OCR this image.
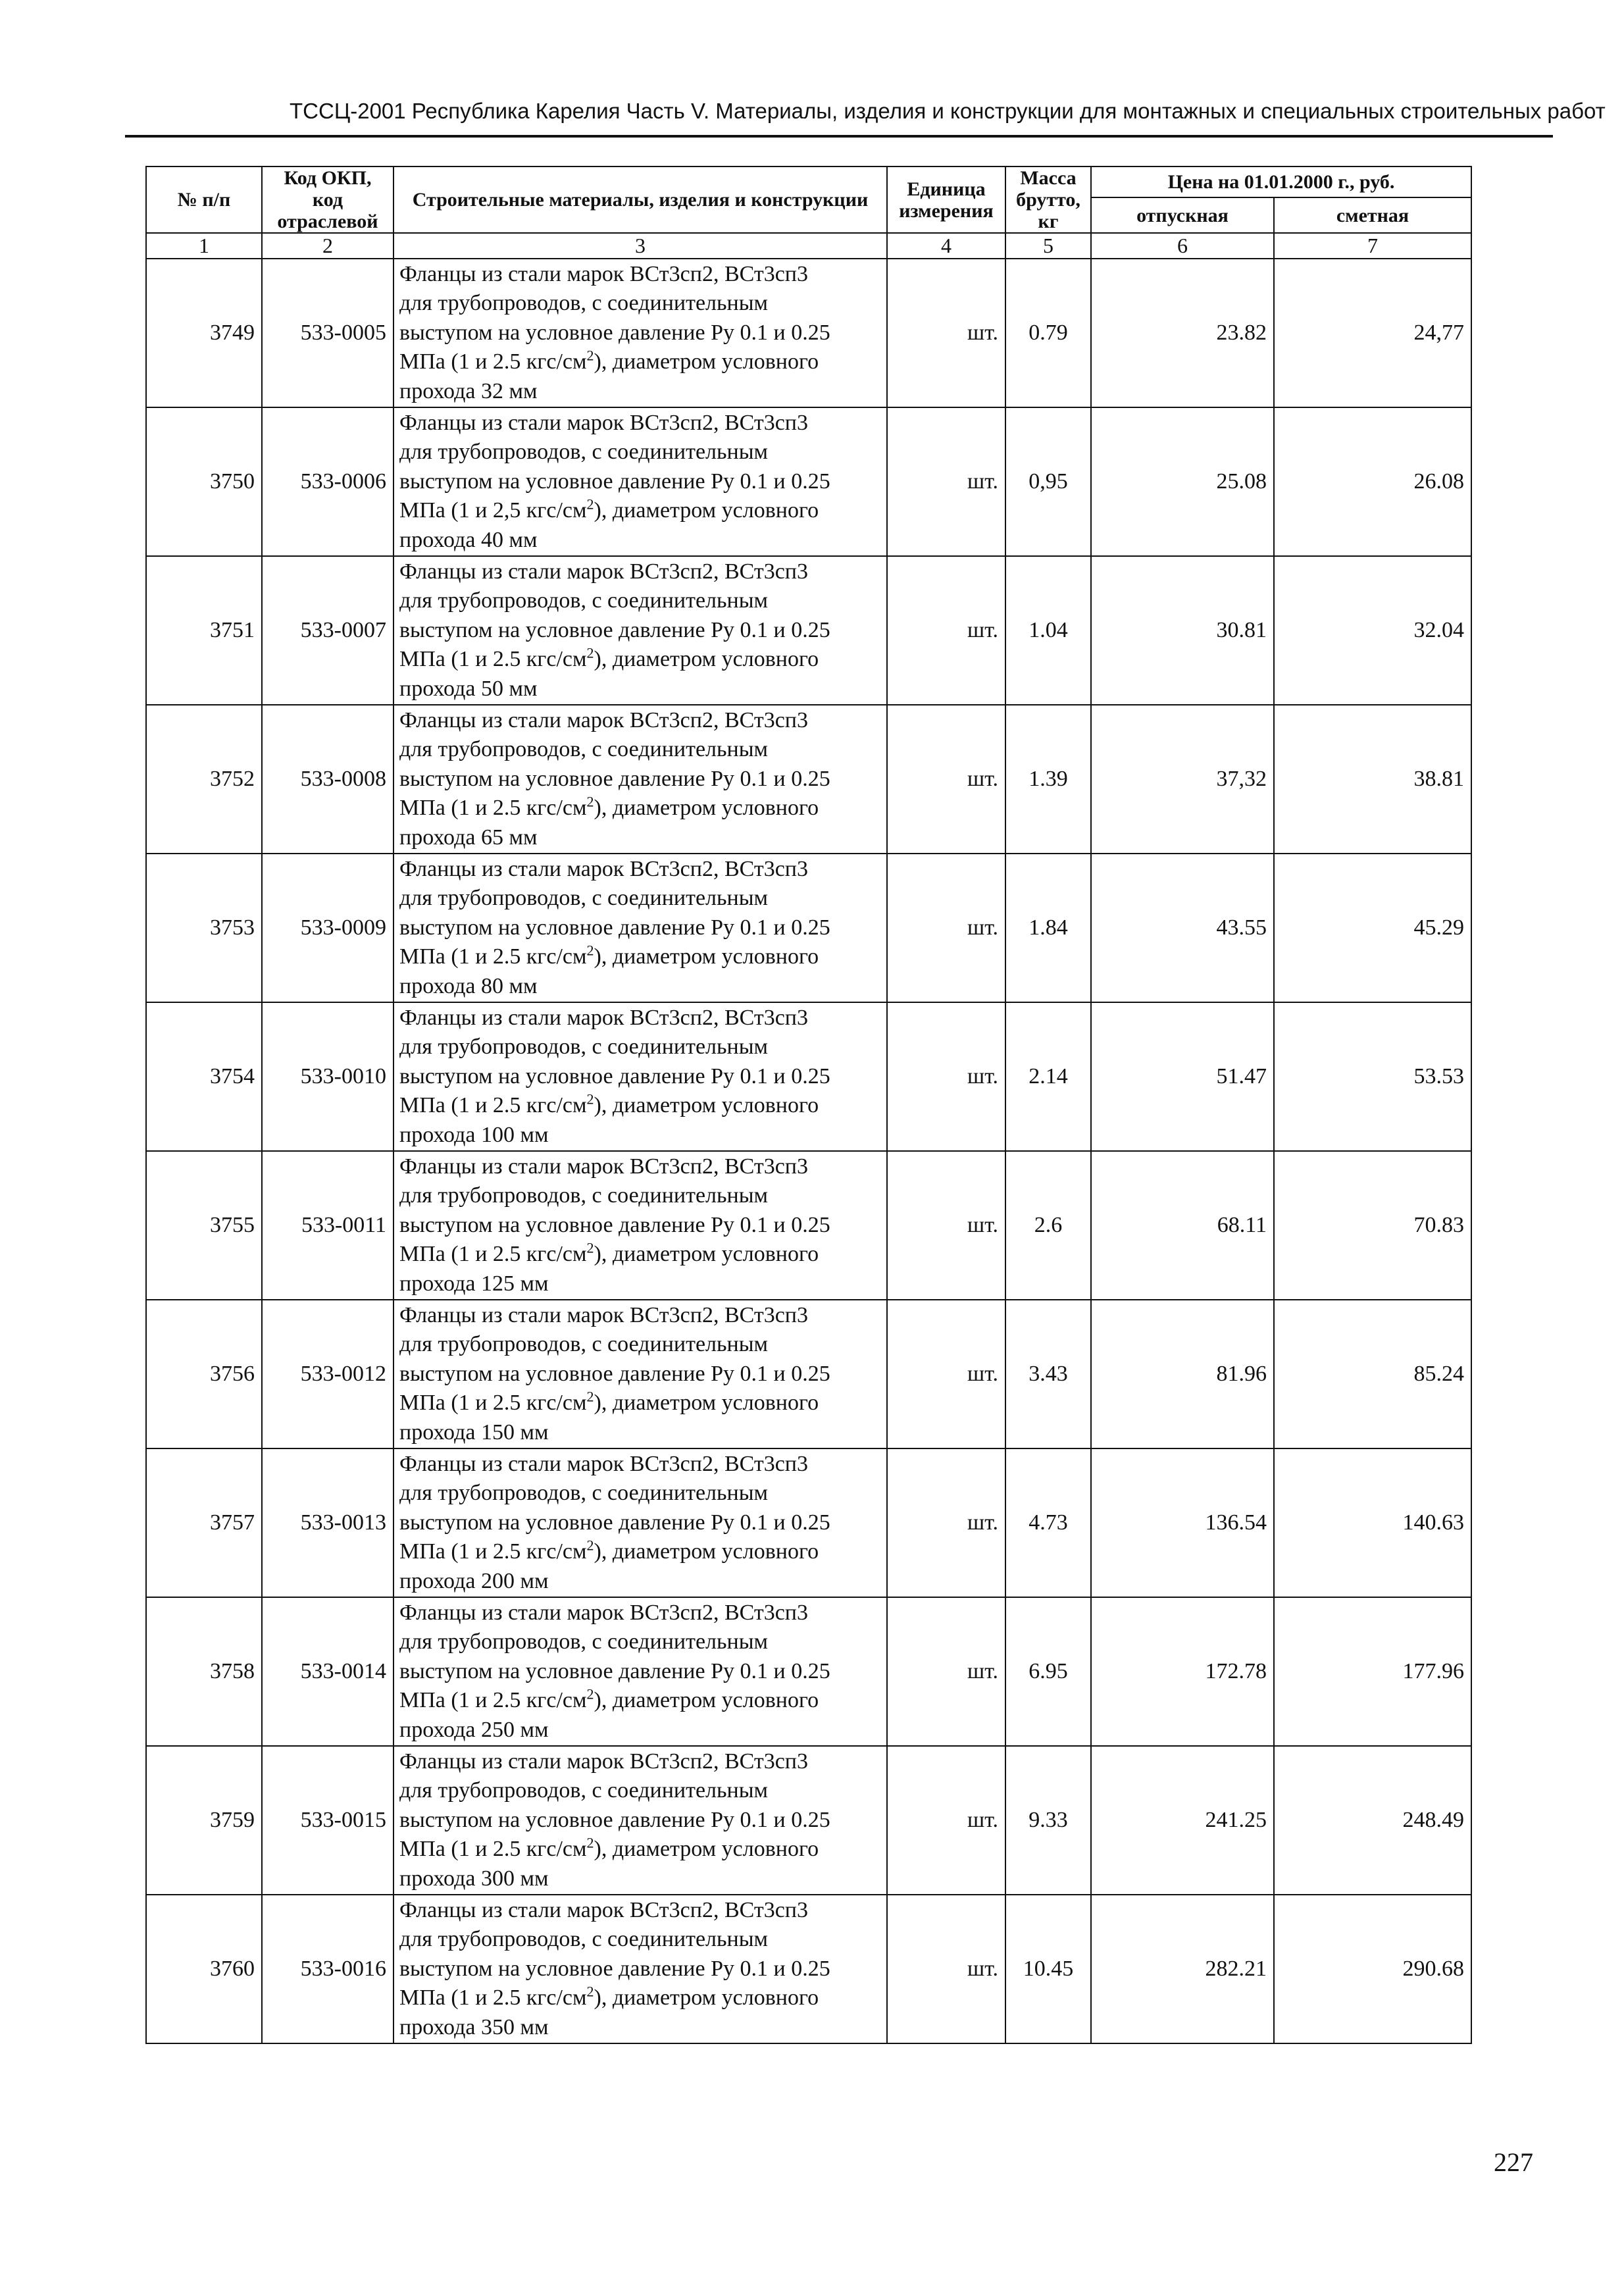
ТССЦ-2001 Республика Карелия Часть V. Материалы, изделия и конструкции для монтажных и специальных строительных работ
№ п/п	Код ОКП, код отраслевой	Строительные материалы, изделия и конструкции	Единица измерения	Масса брутто, кг	Цена на 01.01.2000 г., руб.	
					отпускная	сметная
1	2	3	4	5	6	7
3749	533-0005	Фланцы из стали марок ВСт3сп2, ВСт3сп3
для трубопроводов, с соединительным
выступом на условное давление Ру 0.1 и 0.25
МПа (1 и 2.5 кгс/$см^2$), диаметром условного
прохода 32 мм	шт.	0.79	23.82	24,77
3750	533-0006	Фланцы из стали марок ВСт3сп2, ВСт3сп3
для трубопроводов, с соединительным
выступом на условное давление Ру 0.1 и 0.25
МПа (1 и 2,5 кгс/$см^2$), диаметром условного
прохода 40 мм	шт.	0,95	25.08	26.08
3751	533-0007	Фланцы из стали марок ВСт3сп2, ВСт3сп3
для трубопроводов, с соединительным
выступом на условное давление Ру 0.1 и 0.25
МПа (1 и 2.5 кгс/$см^2$), диаметром условного
прохода 50 мм	шт.	1.04	30.81	32.04
3752	533-0008	Фланцы из стали марок ВСт3сп2, ВСт3сп3
для трубопроводов, с соединительным
выступом на условное давление Ру 0.1 и 0.25
МПа (1 и 2.5 кгс/$см^2$), диаметром условного
прохода 65 мм	шт.	1.39	37,32	38.81
3753	533-0009	Фланцы из стали марок ВСт3сп2, ВСт3сп3
для трубопроводов, с соединительным
выступом на условное давление Ру 0.1 и 0.25
МПа (1 и 2.5 кгс/$см^2$), диаметром условного
прохода 80 мм	шт.	1.84	43.55	45.29
3754	533-0010	Фланцы из стали марок ВСт3сп2, ВСт3сп3
для трубопроводов, с соединительным
выступом на условное давление Ру 0.1 и 0.25
МПа (1 и 2.5 кгс/$см^2$), диаметром условного
прохода 100 мм	шт.	2.14	51.47	53.53
3755	533-0011	Фланцы из стали марок ВСт3сп2, ВСт3сп3
для трубопроводов, с соединительным
выступом на условное давление Ру 0.1 и 0.25
МПа (1 и 2.5 кгс/$см^2$), диаметром условного
прохода 125 мм	шт.	2.6	68.11	70.83
3756	533-0012	Фланцы из стали марок ВСт3сп2, ВСт3сп3
для трубопроводов, с соединительным
выступом на условное давление Ру 0.1 и 0.25
МПа (1 и 2.5 кгс/$см^2$), диаметром условного
прохода 150 мм	шт.	3.43	81.96	85.24
3757	533-0013	Фланцы из стали марок ВСт3сп2, ВСт3сп3
для трубопроводов, с соединительным
выступом на условное давление Ру 0.1 и 0.25
МПа (1 и 2.5 кгс/$см^2$), диаметром условного
прохода 200 мм	шт.	4.73	136.54	140.63
3758	533-0014	Фланцы из стали марок ВСт3сп2, ВСт3сп3
для трубопроводов, с соединительным
выступом на условное давление Ру 0.1 и 0.25
МПа (1 и 2.5 кгс/$см^2$), диаметром условного
прохода 250 мм	шт.	6.95	172.78	177.96
3759	533-0015	Фланцы из стали марок ВСт3сп2, ВСт3сп3
для трубопроводов, с соединительным
выступом на условное давление Ру 0.1 и 0.25
МПа (1 и 2.5 кгс/$см^2$), диаметром условного
прохода 300 мм	шт.	9.33	241.25	248.49
3760	533-0016	Фланцы из стали марок ВСт3сп2, ВСт3сп3
для трубопроводов, с соединительным
выступом на условное давление Ру 0.1 и 0.25
МПа (1 и 2.5 кгс/$см^2$), диаметром условного
прохода 350 мм	шт.	10.45	282.21	290.68
227
